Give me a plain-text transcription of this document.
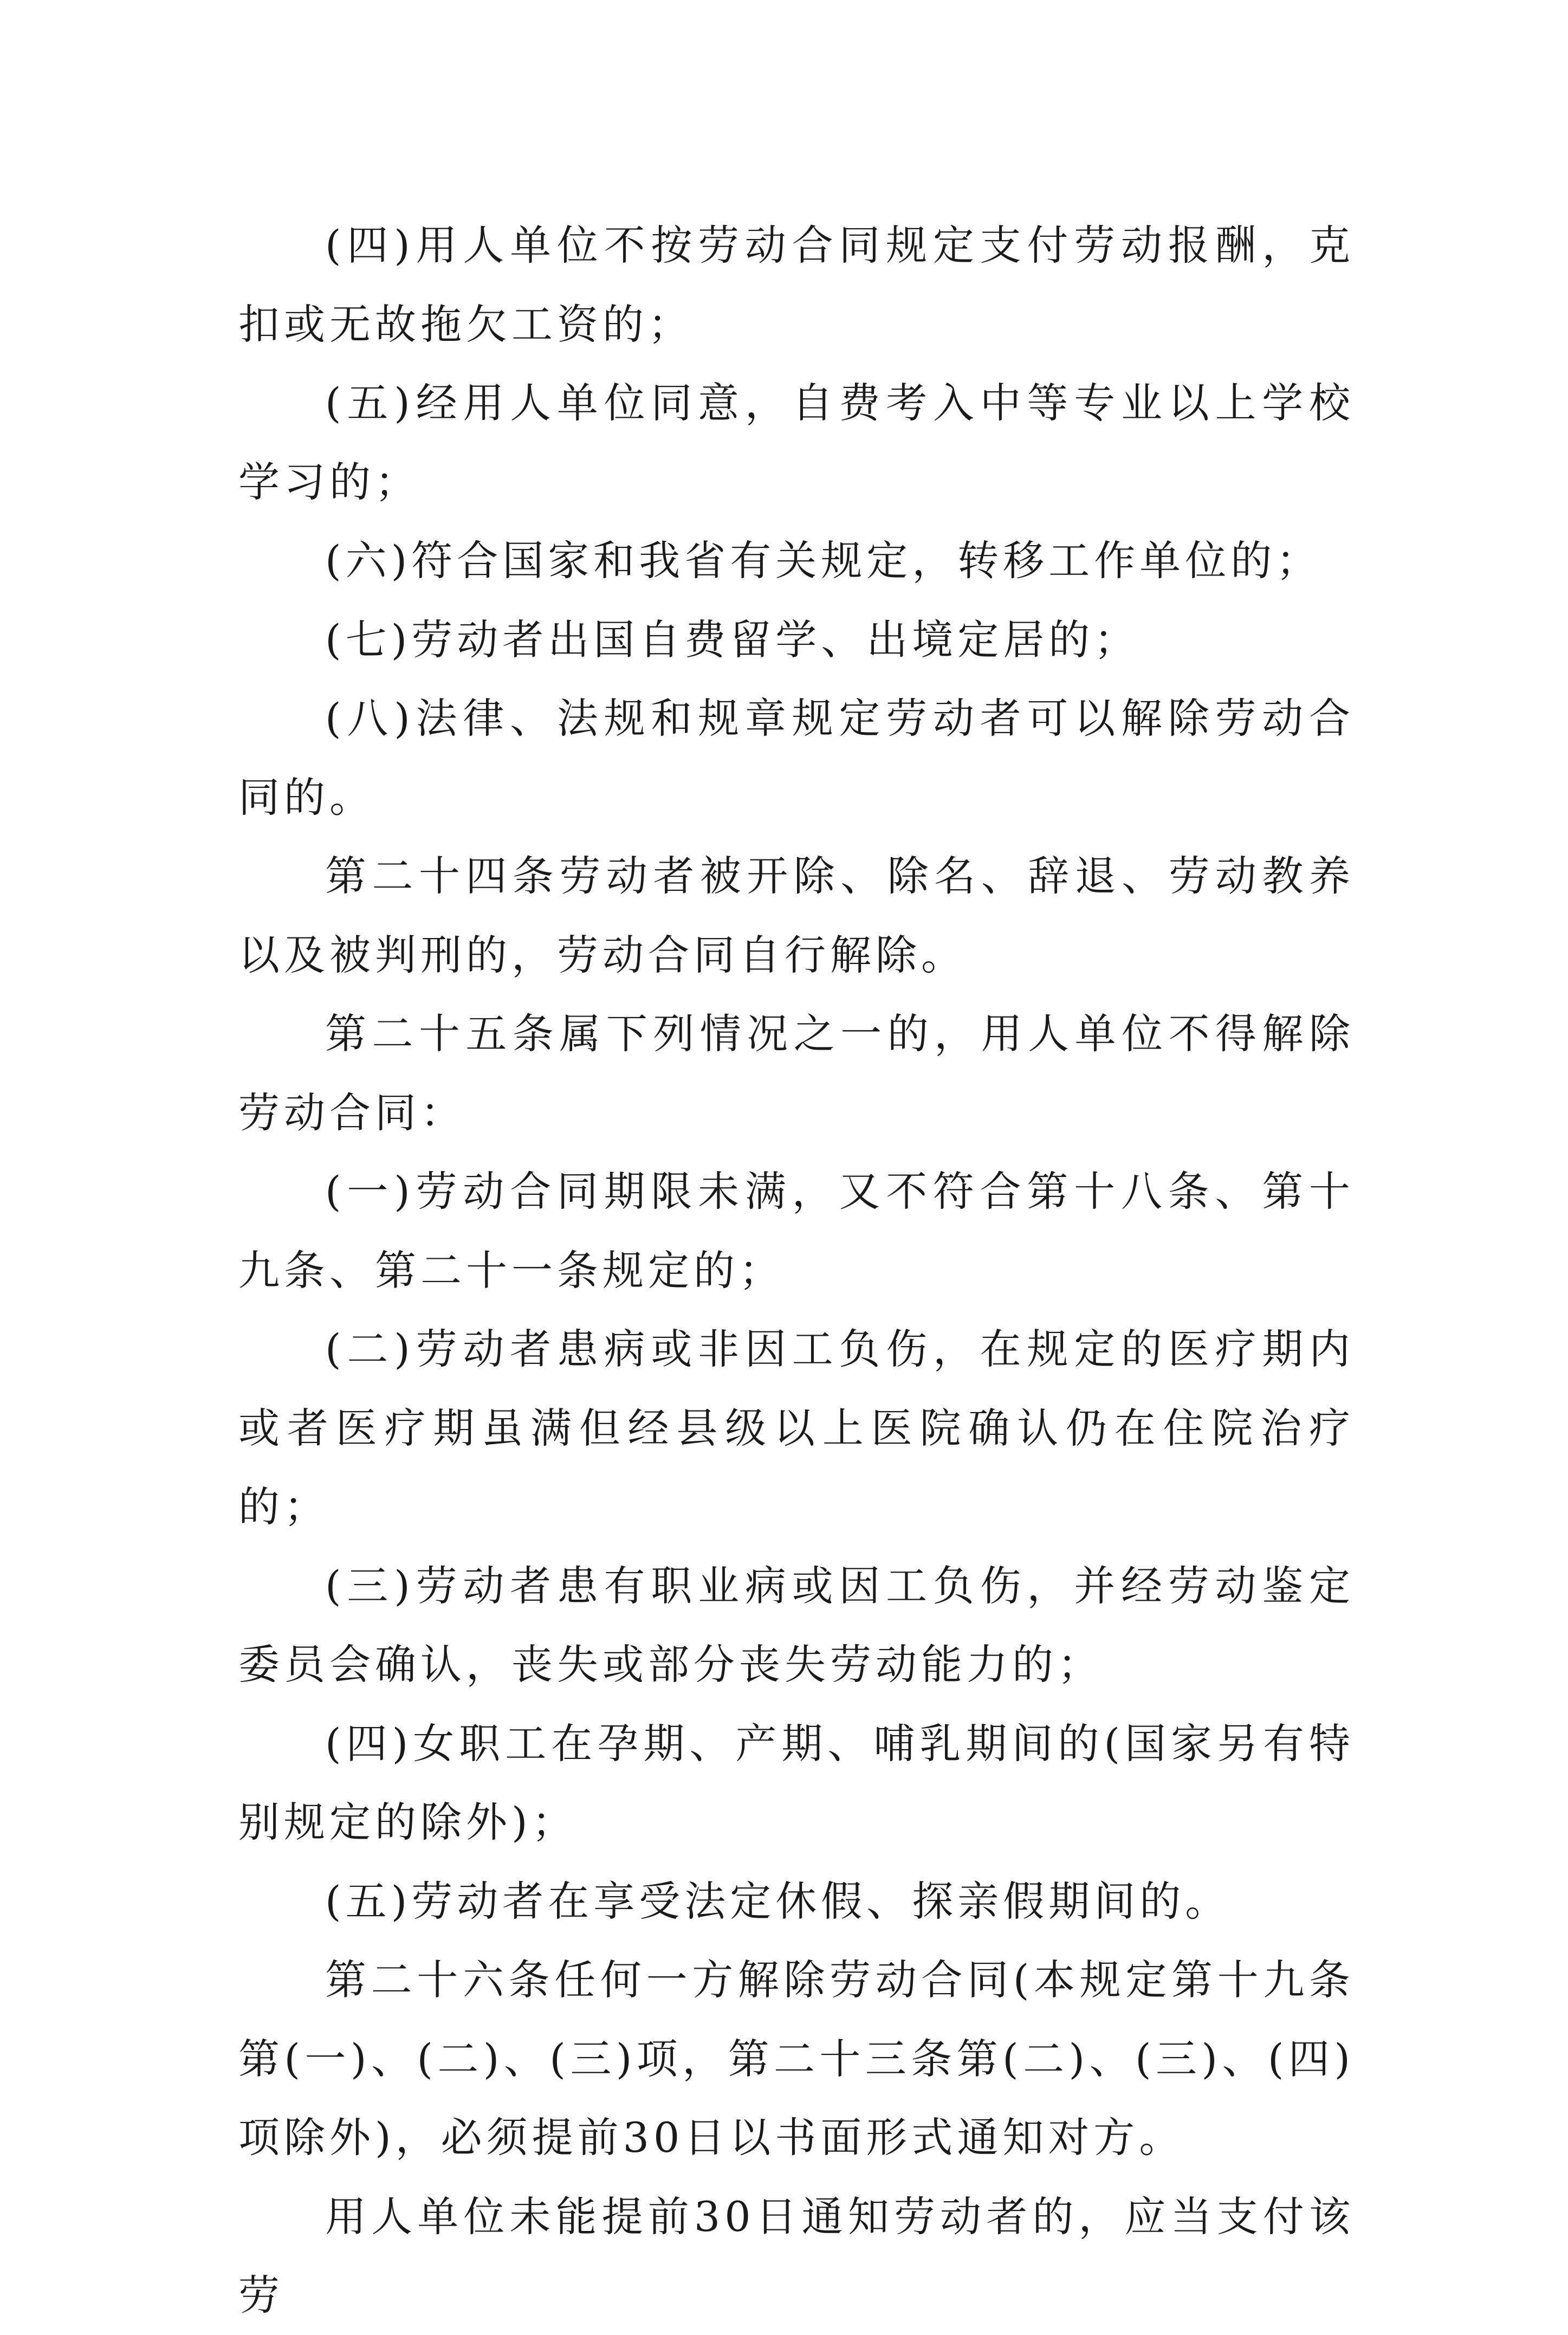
(四)用人单位不按劳动合同规定支付劳动报酬，克扣或无故拖欠工资的；

(五)经用人单位同意，自费考入中等专业以上学校学习的；

(六)符合国家和我省有关规定，转移工作单位的；

(七)劳动者出国自费留学、出境定居的；

(八)法律、法规和规章规定劳动者可以解除劳动合同的。

第二十四条劳动者被开除、除名、辞退、劳动教养以及被判刑的，劳动合同自行解除。

第二十五条属下列情况之一的，用人单位不得解除劳动合同：

(一)劳动合同期限未满，又不符合第十八条、第十九条、第二十一条规定的；

(二)劳动者患病或非因工负伤，在规定的医疗期内或者医疗期虽满但经县级以上医院确认仍在住院治疗的；

(三)劳动者患有职业病或因工负伤，并经劳动鉴定委员会确认，丧失或部分丧失劳动能力的；

(四)女职工在孕期、产期、哺乳期间的(国家另有特别规定的除外)；

(五)劳动者在享受法定休假、探亲假期间的。

第二十六条任何一方解除劳动合同(本规定第十九条第(一)、(二)、(三)项，第二十三条第(二)、(三)、(四)项除外)，必须提前30日以书面形式通知对方。

用人单位未能提前30日通知劳动者的，应当支付该劳
